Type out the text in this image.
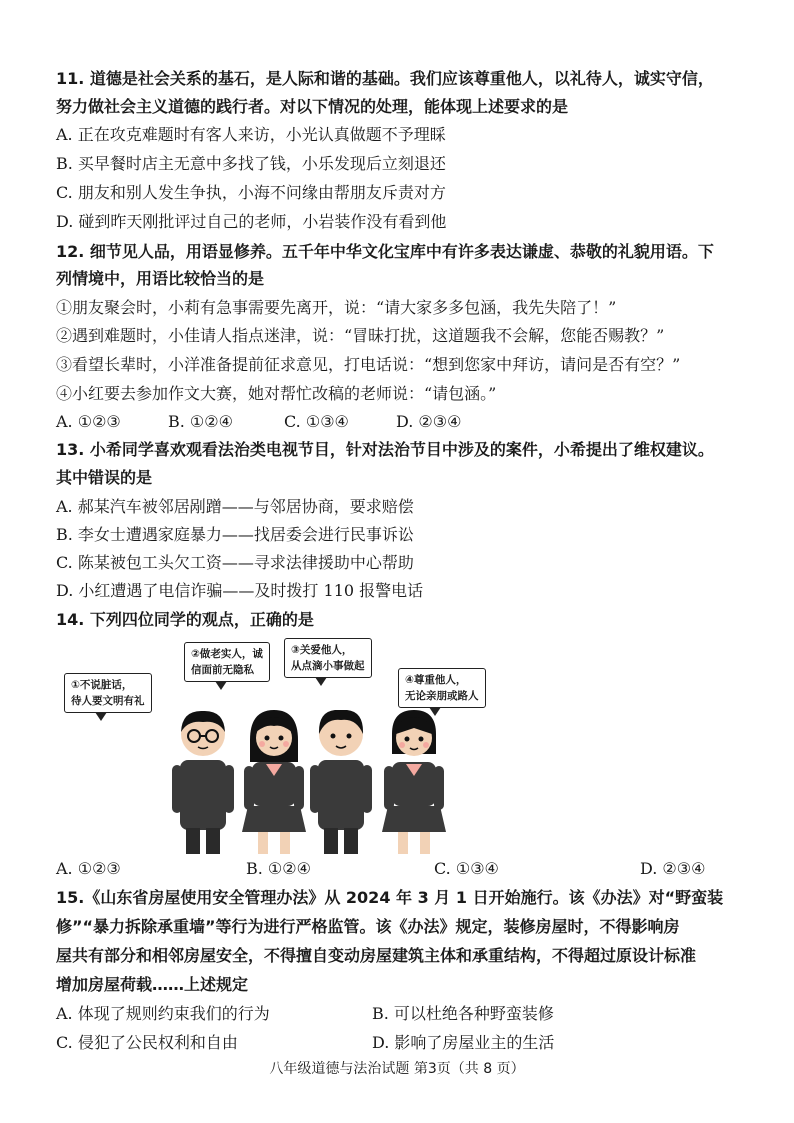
11. 道德是社会关系的基石，是人际和谐的基础。我们应该尊重他人，以礼待人，诚实守信，
努力做社会主义道德的践行者。对以下情况的处理，能体现上述要求的是
A. 正在攻克难题时有客人来访，小光认真做题不予理睬
B. 买早餐时店主无意中多找了钱，小乐发现后立刻退还
C. 朋友和别人发生争执，小海不问缘由帮朋友斥责对方
D. 碰到昨天刚批评过自己的老师，小岩装作没有看到他
12. 细节见人品，用语显修养。五千年中华文化宝库中有许多表达谦虚、恭敬的礼貌用语。下
列情境中，用语比较恰当的是
①朋友聚会时，小莉有急事需要先离开，说：“请大家多多包涵，我先失陪了！”
②遇到难题时，小佳请人指点迷津，说：“冒昧打扰，这道题我不会解，您能否赐教？”
③看望长辈时，小洋准备提前征求意见，打电话说：“想到您家中拜访，请问是否有空？”
④小红要去参加作文大赛，她对帮忙改稿的老师说：“请包涵。”
A. ①②③	B. ①②④	C. ①③④	D. ②③④
13. 小希同学喜欢观看法治类电视节目，针对法治节目中涉及的案件，小希提出了维权建议。
其中错误的是
A. 郝某汽车被邻居剐蹭——与邻居协商，要求赔偿
B. 李女士遭遇家庭暴力——找居委会进行民事诉讼
C. 陈某被包工头欠工资——寻求法律援助中心帮助
D. 小红遭遇了电信诈骗——及时拨打 110 报警电话
14. 下列四位同学的观点，正确的是
①不说脏话，
待人要文明有礼
②做老实人，诚
信面前无隐私
③关爱他人，
从点滴小事做起
④尊重他人，
无论亲朋或路人
A. ①②③	B. ①②④	C. ①③④	D. ②③④
15.《山东省房屋使用安全管理办法》从 2024 年 3 月 1 日开始施行。该《办法》对“野蛮装
修”“暴力拆除承重墙”等行为进行严格监管。该《办法》规定，装修房屋时，不得影响房
屋共有部分和相邻房屋安全，不得擅自变动房屋建筑主体和承重结构，不得超过原设计标准
增加房屋荷载……上述规定
A. 体现了规则约束我们的行为	B. 可以杜绝各种野蛮装修
C. 侵犯了公民权利和自由	D. 影响了房屋业主的生活
八年级道德与法治试题 第3页（共 8 页）
